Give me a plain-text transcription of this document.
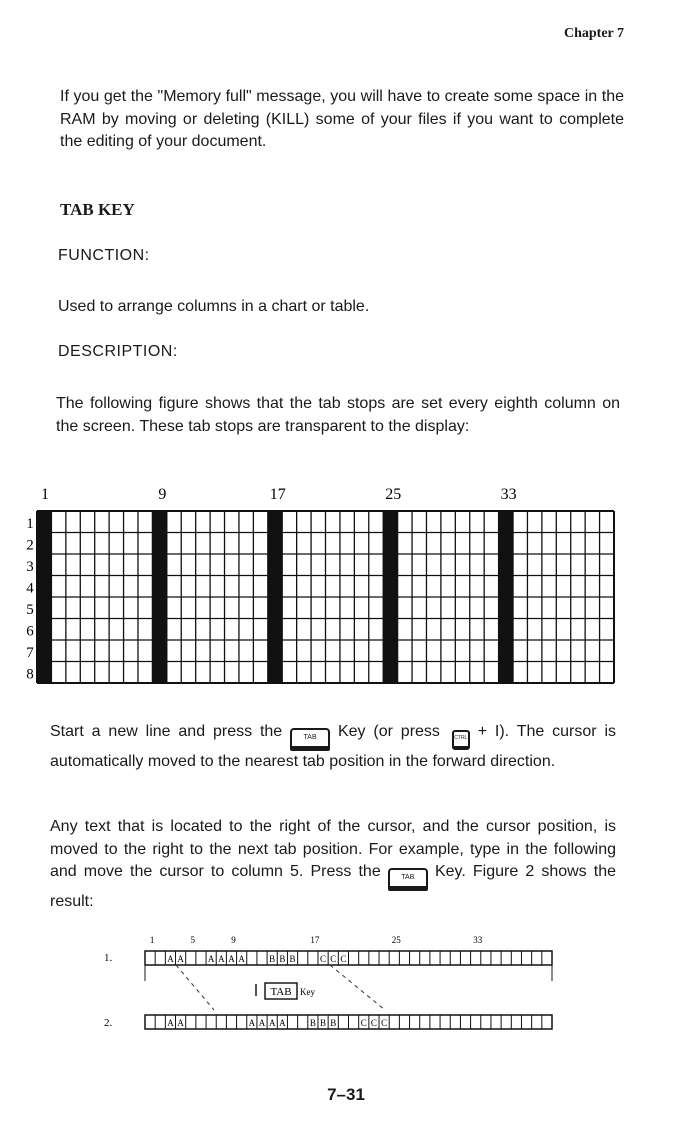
Chapter 7
If you get the "Memory full" message, you will have to create some space in the RAM by moving or deleting (KILL) some of your files if you want to complete the editing of your document.
TAB KEY
FUNCTION:
Used to arrange columns in a chart or table.
DESCRIPTION:
The following figure shows that the tab stops are set every eighth column on the screen. These tab stops are transparent to the display:
1	9	17	25	33
1
2
3
4
5
6
7
8
Start a new line and press the	TAB Key (or press	CTRL + I). The cursor is automatically moved to the nearest tab position in the forward direction.
Any text that is located to the right of the cursor, and the cursor position, is moved to the right to the next tab position. For example, type in the following and move the cursor to column 5. Press the	TAB Key. Figure 2 shows the result:
1	5	9	17	25	33
1.
2.
A A	A A A A	B B B	C C C
A A	A A A A	B B B	C C C
TAB Key
7–31
